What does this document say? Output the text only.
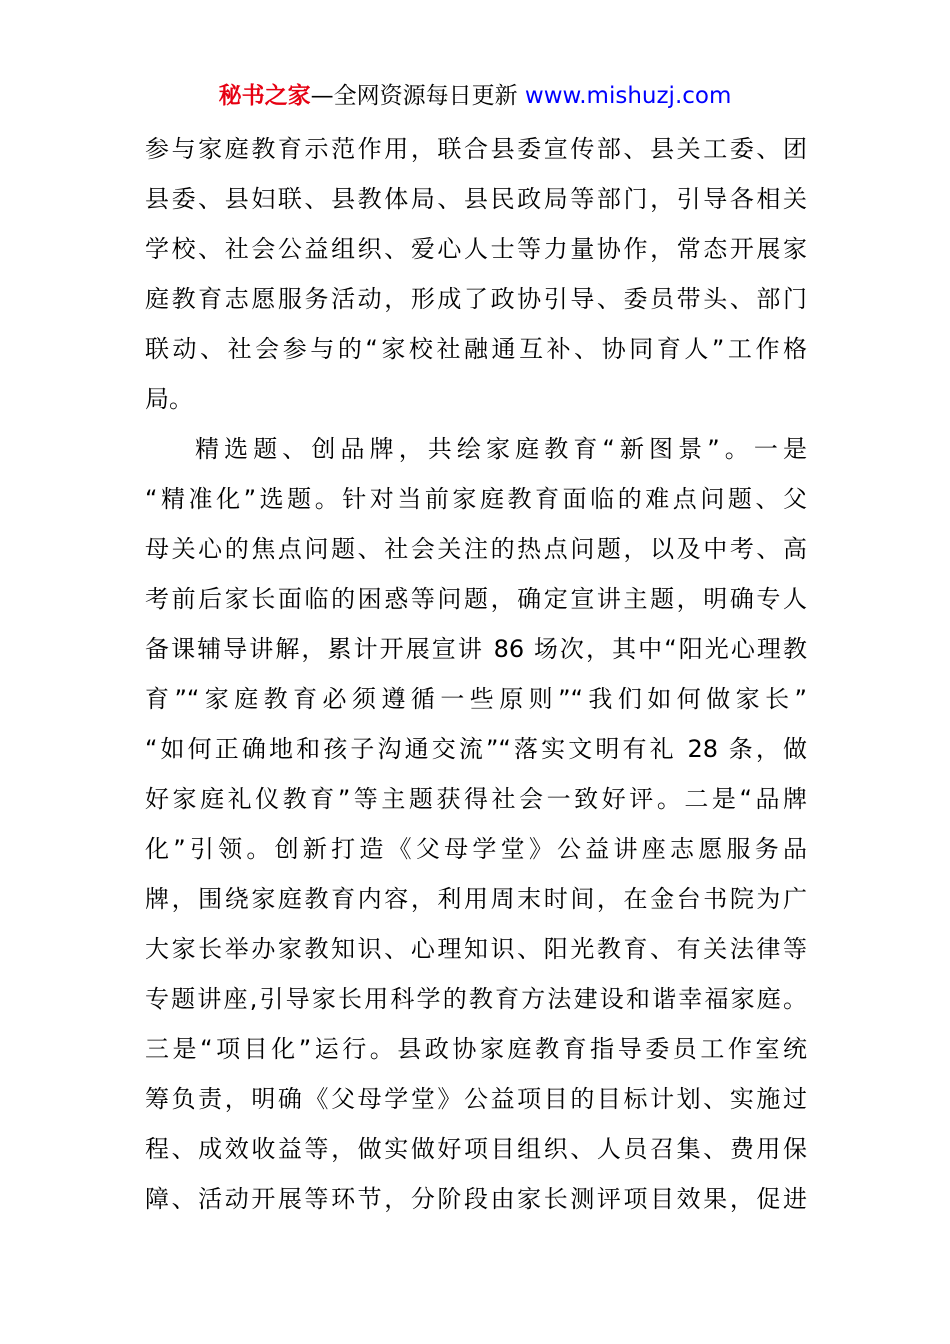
秘书之家—全网资源每日更新 www.mishuzj.com
参与家庭教育示范作用，联合县委宣传部、县关工委、团
县委、县妇联、县教体局、县民政局等部门，引导各相关
学校、社会公益组织、爱心人士等力量协作，常态开展家
庭教育志愿服务活动，形成了政协引导、委员带头、部门
联动、社会参与的“家校社融通互补、协同育人”工作格
局。
精选题、创品牌，共绘家庭教育“新图景”。一是
“精准化”选题。针对当前家庭教育面临的难点问题、父
母关心的焦点问题、社会关注的热点问题，以及中考、高
考前后家长面临的困惑等问题，确定宣讲主题，明确专人
备课辅导讲解，累计开展宣讲 86 场次，其中“阳光心理教
育”“家庭教育必须遵循一些原则”“我们如何做家长”
“如何正确地和孩子沟通交流”“落实文明有礼 28 条，做
好家庭礼仪教育”等主题获得社会一致好评。二是“品牌
化”引领。创新打造《父母学堂》公益讲座志愿服务品
牌，围绕家庭教育内容，利用周末时间，在金台书院为广
大家长举办家教知识、心理知识、阳光教育、有关法律等
专题讲座,引导家长用科学的教育方法建设和谐幸福家庭。
三是“项目化”运行。县政协家庭教育指导委员工作室统
筹负责，明确《父母学堂》公益项目的目标计划、实施过
程、成效收益等，做实做好项目组织、人员召集、费用保
障、活动开展等环节，分阶段由家长测评项目效果，促进
